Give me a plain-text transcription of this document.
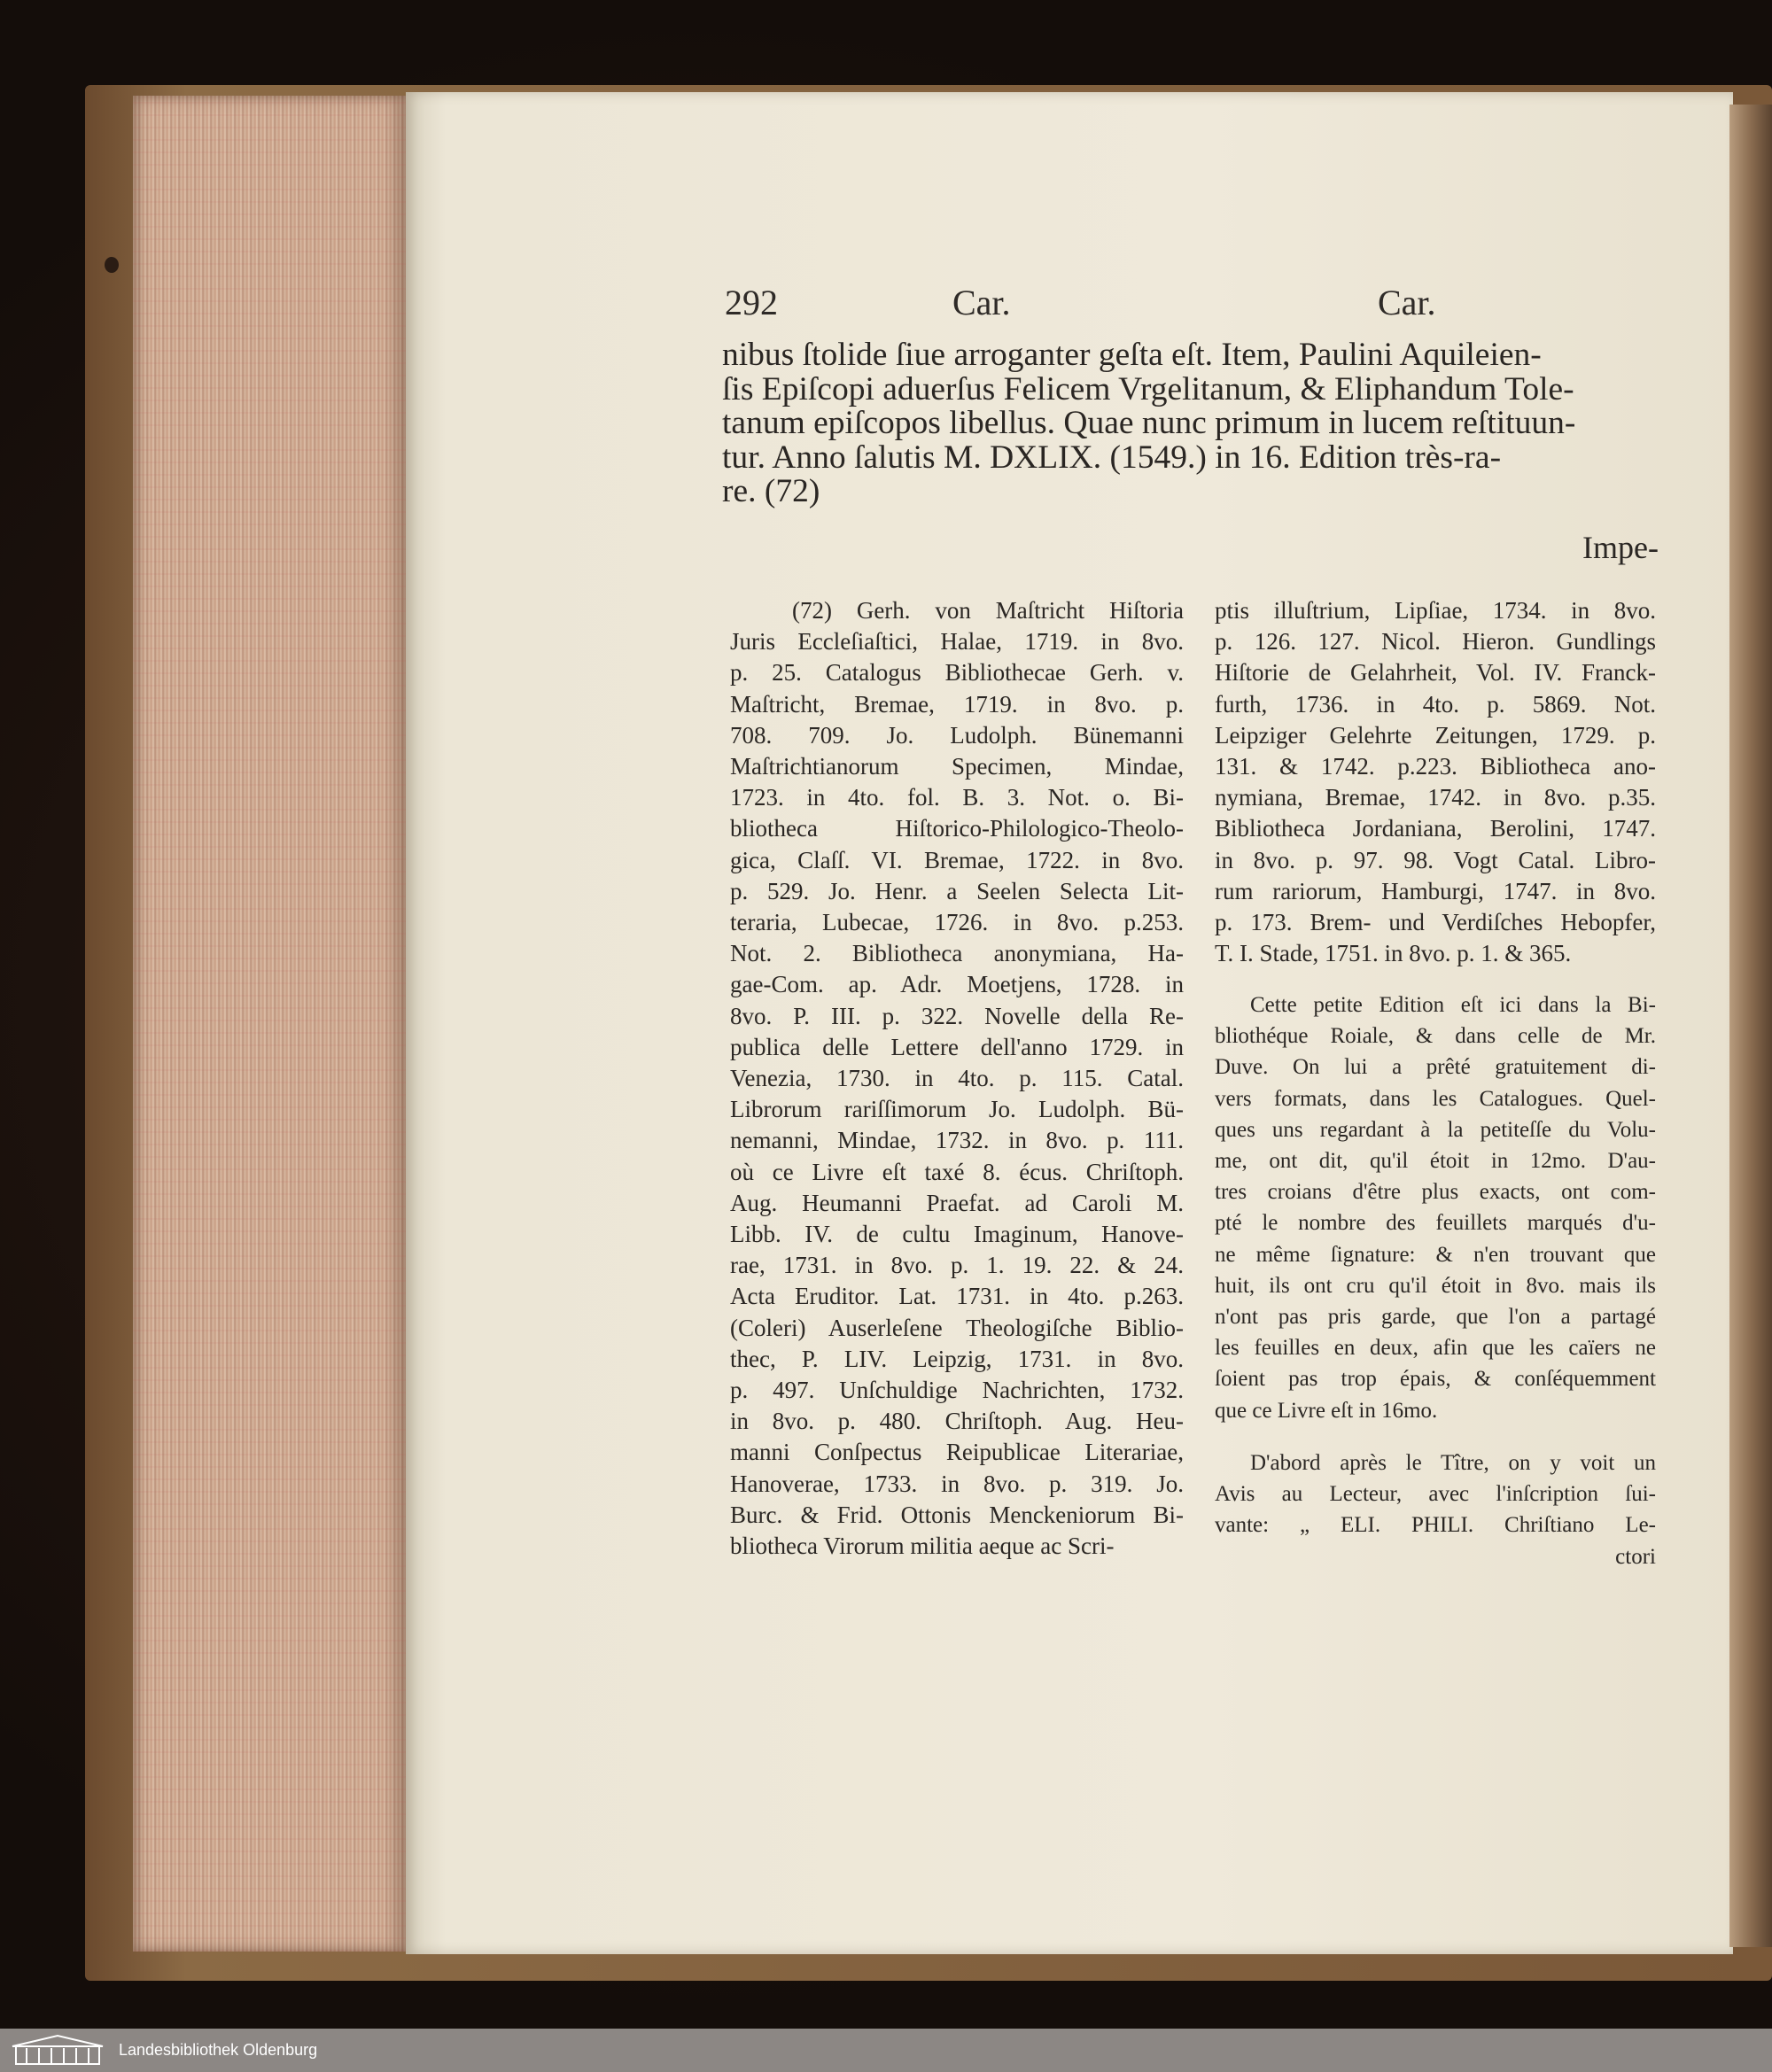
292	Car.	Car.
nibus ſtolide ſiue arroganter geſta eſt. Item, Paulini Aquileien-
ſis Epiſcopi aduerſus Felicem Vrgelitanum, & Eliphandum Tole-
tanum epiſcopos libellus. Quae nunc primum in lucem reſtituun-
tur. Anno ſalutis M. DXLIX. (1549.) in 16. Edition très-ra-
re. (72)
Impe-
(72) Gerh. von Maſtricht Hiſtoria
Juris Eccleſiaſtici, Halae, 1719. in 8vo.
p. 25. Catalogus Bibliothecae Gerh. v.
Maſtricht, Bremae, 1719. in 8vo. p.
708. 709. Jo. Ludolph. Bünemanni
Maſtrichtianorum Specimen, Mindae,
1723. in 4to. fol. B. 3. Not. o. Bi-
bliotheca Hiſtorico-Philologico-Theolo-
gica, Claſſ. VI. Bremae, 1722. in 8vo.
p. 529. Jo. Henr. a Seelen Selecta Lit-
teraria, Lubecae, 1726. in 8vo. p.253.
Not. 2. Bibliotheca anonymiana, Ha-
gae-Com. ap. Adr. Moetjens, 1728. in
8vo. P. III. p. 322. Novelle della Re-
publica delle Lettere dell'anno 1729. in
Venezia, 1730. in 4to. p. 115. Catal.
Librorum rariſſimorum Jo. Ludolph. Bü-
nemanni, Mindae, 1732. in 8vo. p. 111.
où ce Livre eſt taxé 8. écus. Chriſtoph.
Aug. Heumanni Praefat. ad Caroli M.
Libb. IV. de cultu Imaginum, Hanove-
rae, 1731. in 8vo. p. 1. 19. 22. & 24.
Acta Eruditor. Lat. 1731. in 4to. p.263.
(Coleri) Auserleſene Theologiſche Biblio-
thec, P. LIV. Leipzig, 1731. in 8vo.
p. 497. Unſchuldige Nachrichten, 1732.
in 8vo. p. 480. Chriſtoph. Aug. Heu-
manni Conſpectus Reipublicae Literariae,
Hanoverae, 1733. in 8vo. p. 319. Jo.
Burc. & Frid. Ottonis Menckeniorum Bi-
bliotheca Virorum militia aeque ac Scri-
ptis illuſtrium, Lipſiae, 1734. in 8vo.
p. 126. 127. Nicol. Hieron. Gundlings
Hiſtorie de Gelahrheit, Vol. IV. Franck-
furth, 1736. in 4to. p. 5869. Not.
Leipziger Gelehrte Zeitungen, 1729. p.
131. & 1742. p.223. Bibliotheca ano-
nymiana, Bremae, 1742. in 8vo. p.35.
Bibliotheca Jordaniana, Berolini, 1747.
in 8vo. p. 97. 98. Vogt Catal. Libro-
rum rariorum, Hamburgi, 1747. in 8vo.
p. 173. Brem- und Verdiſches Hebopfer,
T. I. Stade, 1751. in 8vo. p. 1. & 365.
Cette petite Edition eſt ici dans la Bi-
bliothéque Roiale, & dans celle de Mr.
Duve. On lui a prêté gratuitement di-
vers formats, dans les Catalogues. Quel-
ques uns regardant à la petiteſſe du Volu-
me, ont dit, qu'il étoit in 12mo. D'au-
tres croians d'être plus exacts, ont com-
pté le nombre des feuillets marqués d'u-
ne même ſignature: & n'en trouvant que
huit, ils ont cru qu'il étoit in 8vo. mais ils
n'ont pas pris garde, que l'on a partagé
les feuilles en deux, afin que les caïers ne
ſoient pas trop épais, & conſéquemment
que ce Livre eſt in 16mo.
D'abord après le Tître, on y voit un
Avis au Lecteur, avec l'inſcription ſui-
vante: „ ELI. PHILI. Chriſtiano Le-
ctori
Landesbibliothek Oldenburg
